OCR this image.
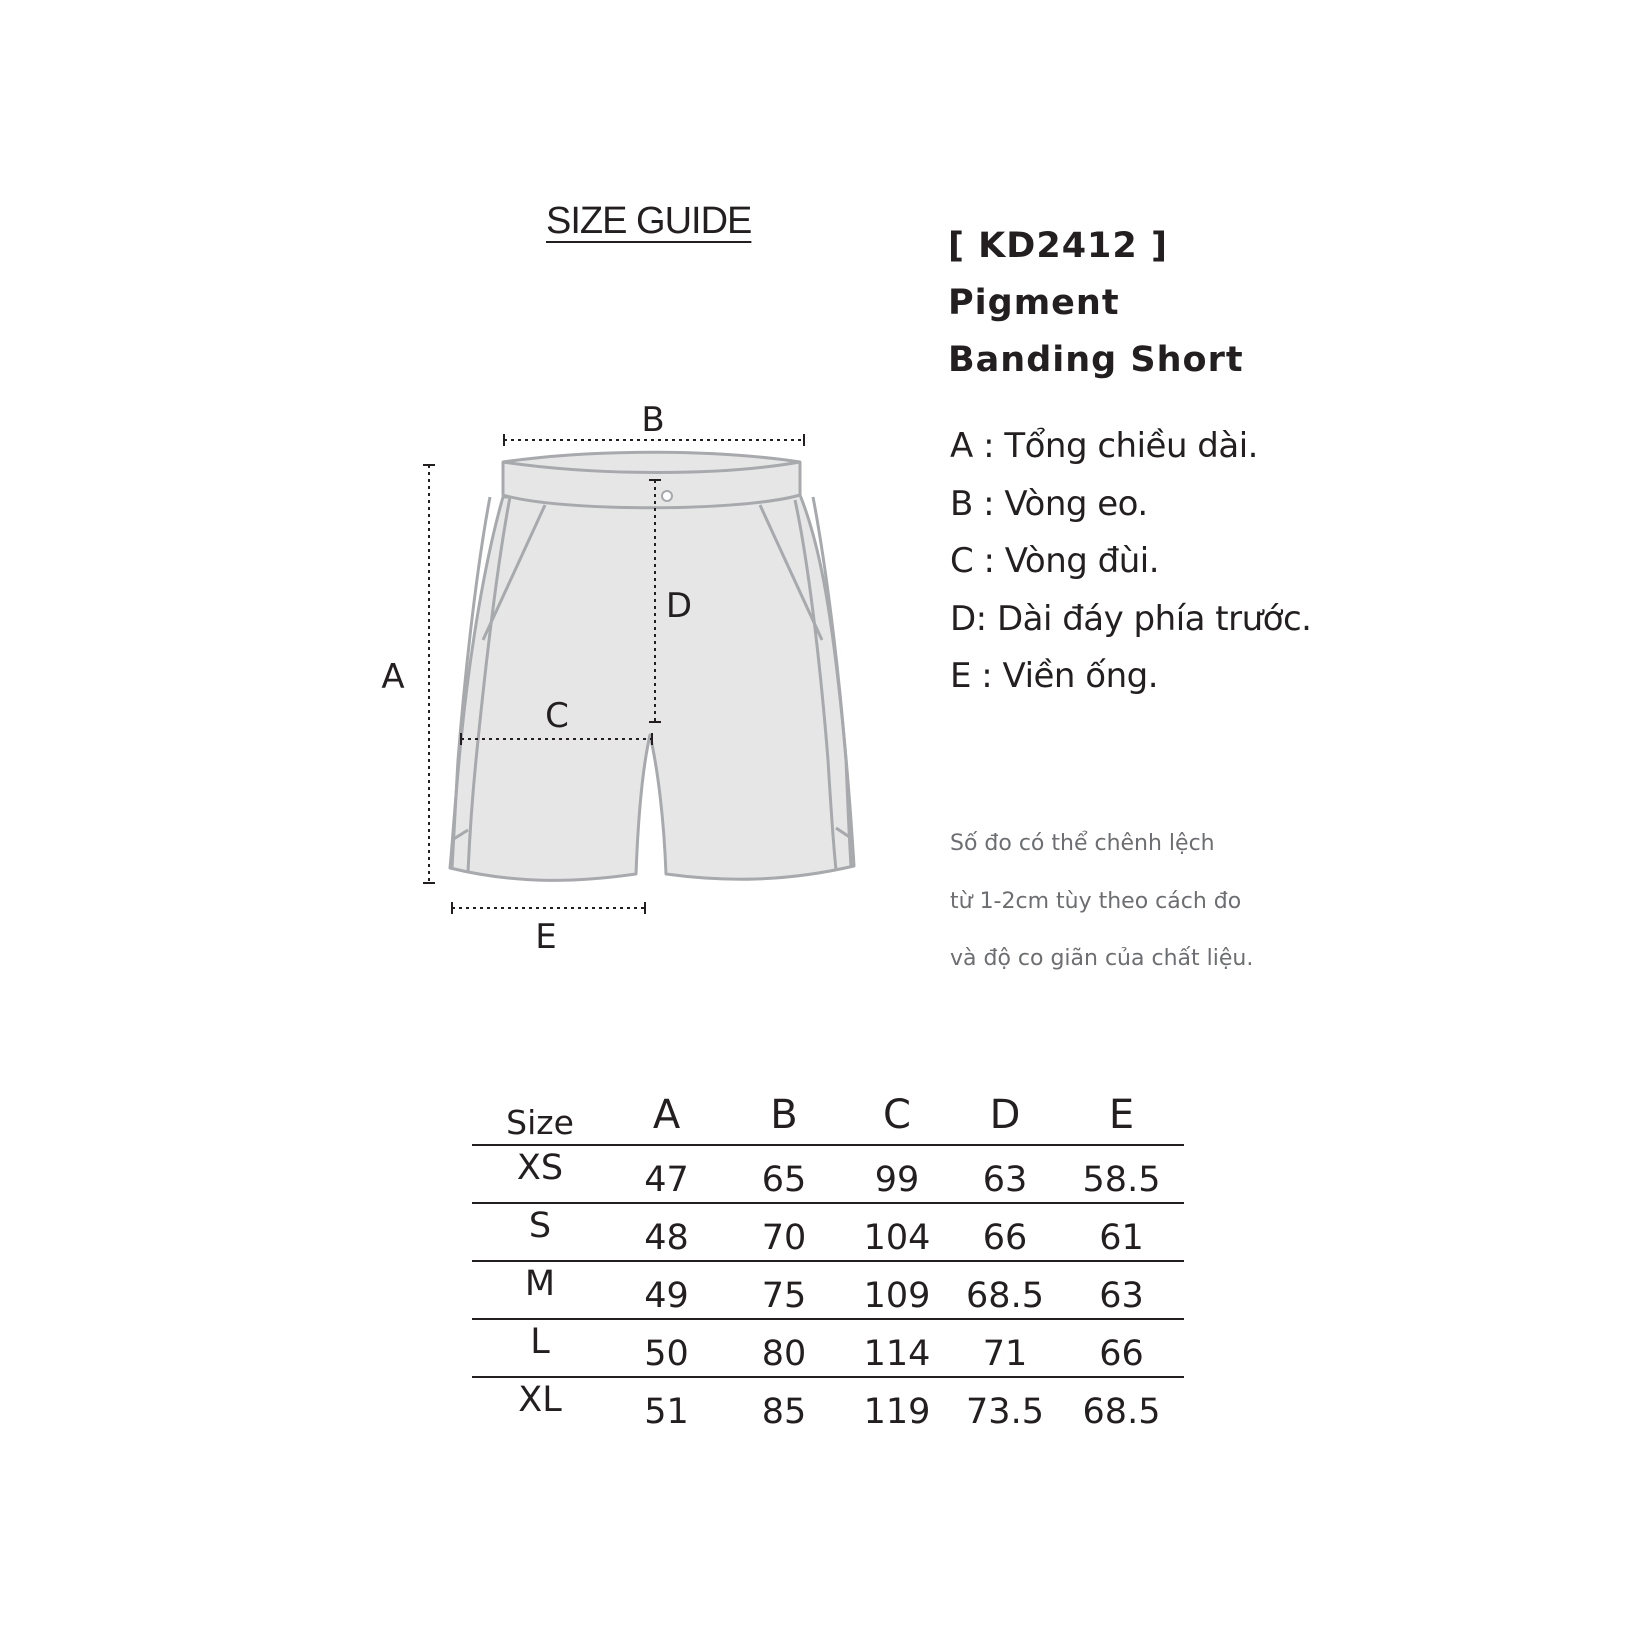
SIZE GUIDE
[ KD2412 ]
Pigment
Banding Short
A : Tổng chiều dài.
B : Vòng eo.
C : Vòng đùi.
D: Dài đáy phía trước.
E : Viền ống.
Số đo có thể chênh lệch
từ 1-2cm tùy theo cách đo
và độ co giãn của chất liệu.
B
A
D
C
E
Size	A	B	C	D	E
XS	47	65	99	63	58.5
S	48	70	104	66	61
M	49	75	109	68.5	63
L	50	80	114	71	66
XL	51	85	119	73.5	68.5
